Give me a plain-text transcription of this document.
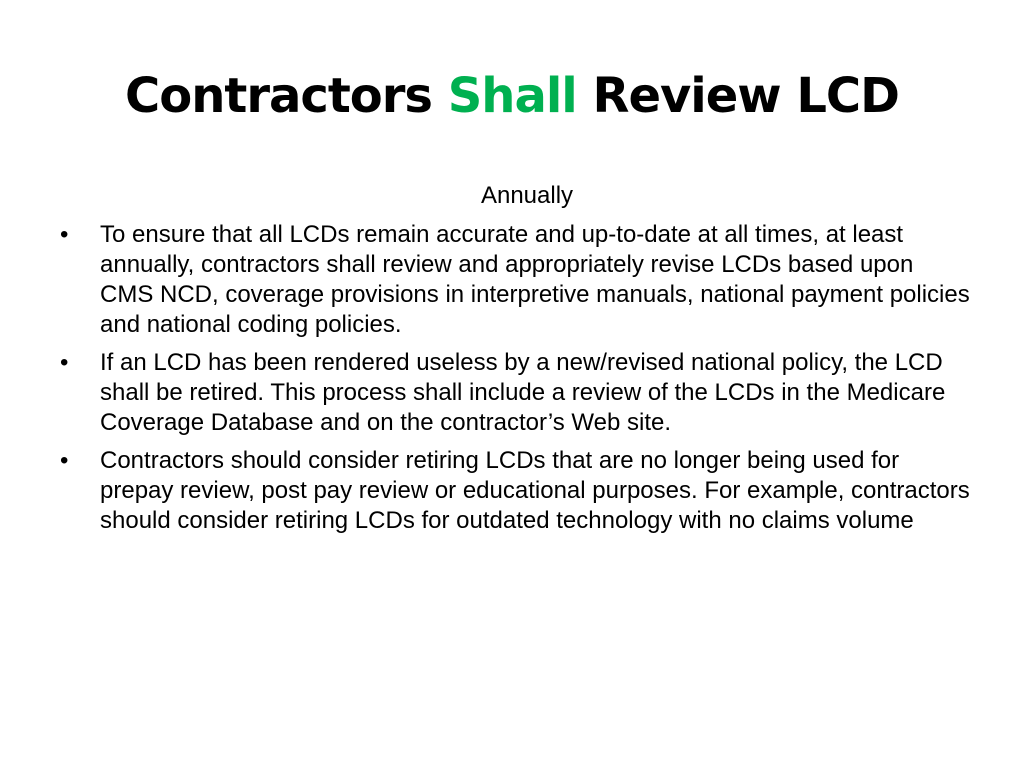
Contractors Shall Review LCD
Annually
•	To ensure that all LCDs remain accurate and up-to-date at all times, at least annually, contractors shall review and appropriately revise LCDs based upon CMS NCD, coverage provisions in interpretive manuals, national payment policies and national coding policies.
•	If an LCD has been rendered useless by a new/revised national policy, the LCD shall be retired. This process shall include a review of the LCDs in the Medicare Coverage Database and on the contractor’s Web site.
•	Contractors should consider retiring LCDs that are no longer being used for prepay review, post pay review or educational purposes. For example, contractors should consider retiring LCDs for outdated technology with no claims volume
